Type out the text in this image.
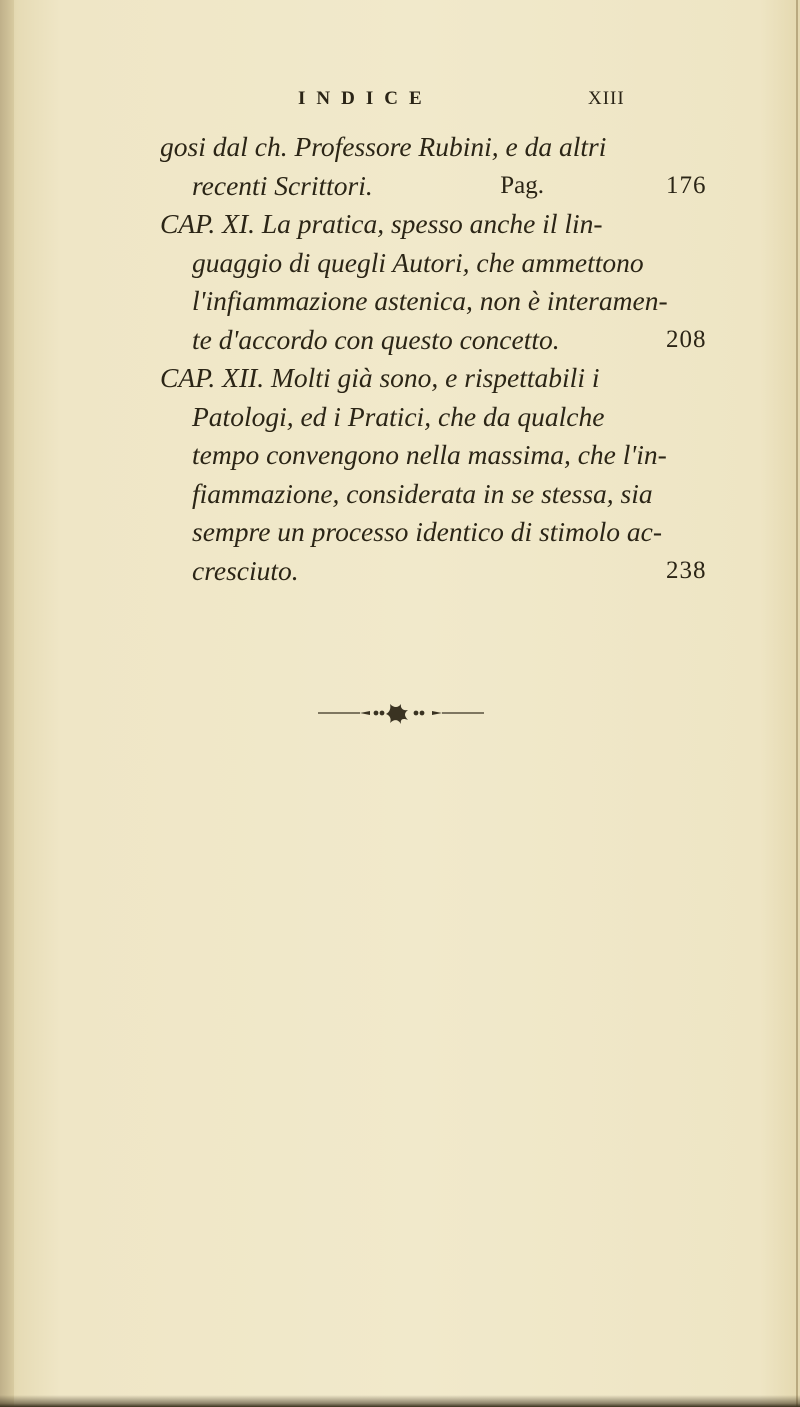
INDICE	XIII
gosi dal ch. Professore Rubini, e da altri
recenti Scrittori.	Pag.	176
CAP. XI. La pratica, spesso anche il lin-
guaggio di quegli Autori, che ammettono
l'infiammazione astenica, non è interamen-
te d'accordo con questo concetto.	208
CAP. XII. Molti già sono, e rispettabili i
Patologi, ed i Pratici, che da qualche
tempo convengono nella massima, che l'in-
fiammazione, considerata in se stessa, sia
sempre un processo identico di stimolo ac-
cresciuto.	238
